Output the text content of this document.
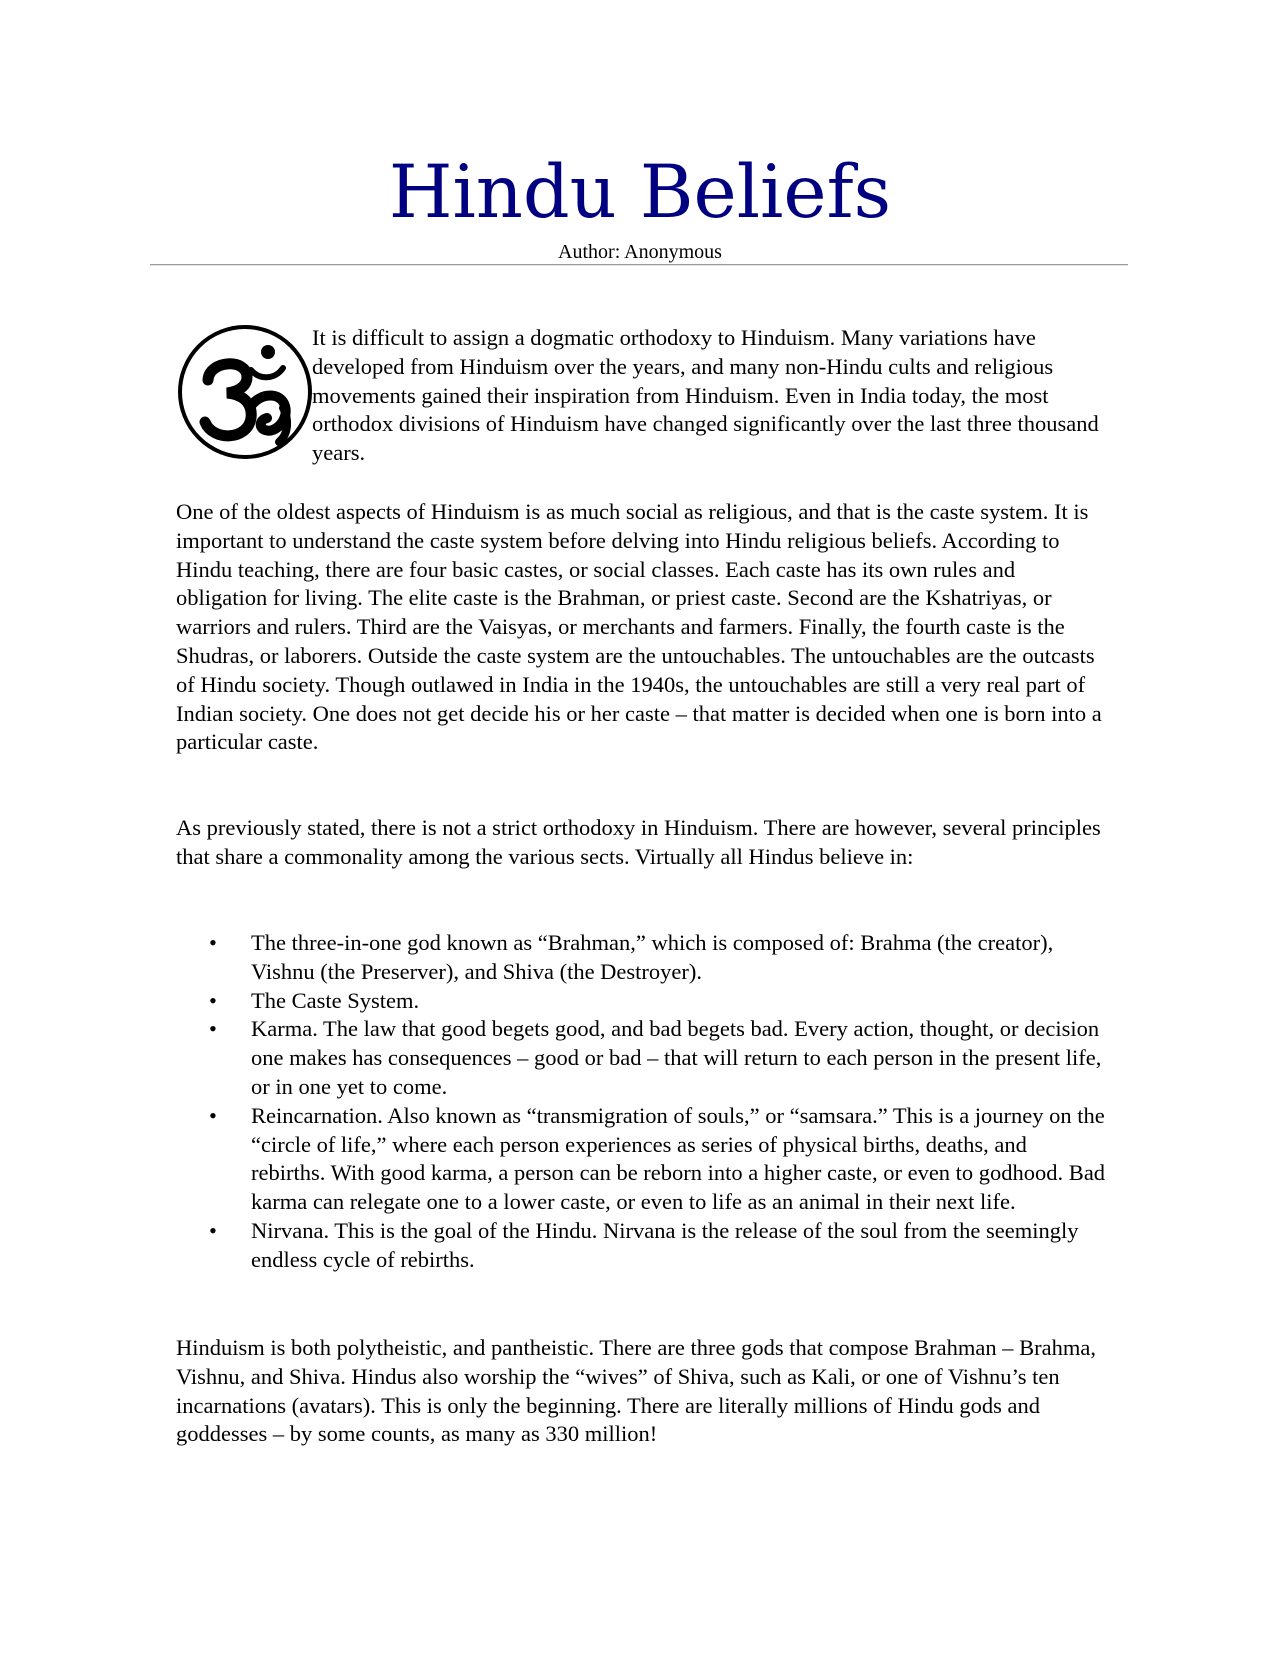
Hindu Beliefs
Author: Anonymous

It is difficult to assign a dogmatic orthodoxy to Hinduism. Many variations have developed from Hinduism over the years, and many non-Hindu cults and religious movements gained their inspiration from Hinduism. Even in India today, the most orthodox divisions of Hinduism have changed significantly over the last three thousand years.

One of the oldest aspects of Hinduism is as much social as religious, and that is the caste system. It is important to understand the caste system before delving into Hindu religious beliefs. According to Hindu teaching, there are four basic castes, or social classes. Each caste has its own rules and obligation for living. The elite caste is the Brahman, or priest caste. Second are the Kshatriyas, or warriors and rulers. Third are the Vaisyas, or merchants and farmers. Finally, the fourth caste is the Shudras, or laborers. Outside the caste system are the untouchables. The untouchables are the outcasts of Hindu society. Though outlawed in India in the 1940s, the untouchables are still a very real part of Indian society. One does not get decide his or her caste – that matter is decided when one is born into a particular caste.

As previously stated, there is not a strict orthodoxy in Hinduism. There are however, several principles that share a commonality among the various sects. Virtually all Hindus believe in:

• The three-in-one god known as “Brahman,” which is composed of: Brahma (the creator), Vishnu (the Preserver), and Shiva (the Destroyer).
• The Caste System.
• Karma. The law that good begets good, and bad begets bad. Every action, thought, or decision one makes has consequences – good or bad – that will return to each person in the present life, or in one yet to come.
• Reincarnation. Also known as “transmigration of souls,” or “samsara.” This is a journey on the “circle of life,” where each person experiences as series of physical births, deaths, and rebirths. With good karma, a person can be reborn into a higher caste, or even to godhood. Bad karma can relegate one to a lower caste, or even to life as an animal in their next life.
• Nirvana. This is the goal of the Hindu. Nirvana is the release of the soul from the seemingly endless cycle of rebirths.

Hinduism is both polytheistic, and pantheistic. There are three gods that compose Brahman – Brahma, Vishnu, and Shiva. Hindus also worship the “wives” of Shiva, such as Kali, or one of Vishnu’s ten incarnations (avatars). This is only the beginning. There are literally millions of Hindu gods and goddesses – by some counts, as many as 330 million!
